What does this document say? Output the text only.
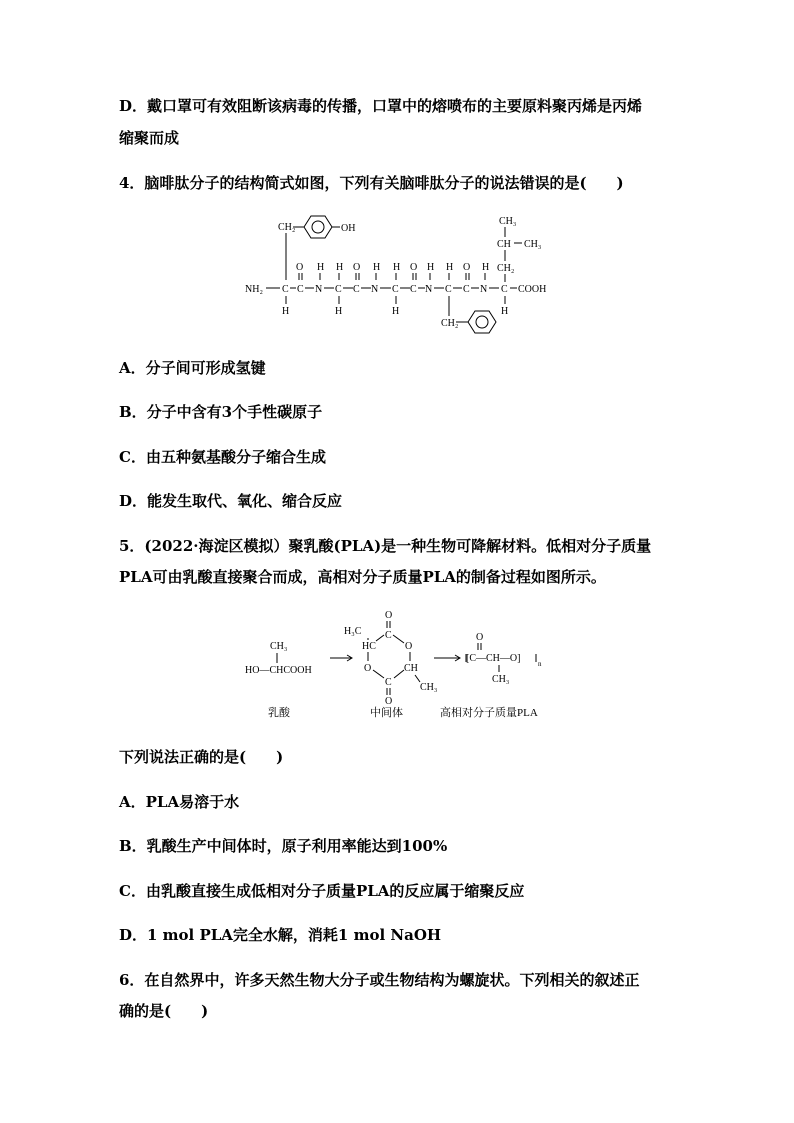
D．戴口罩可有效阻断该病毒的传播，口罩中的熔喷布的主要原料聚丙烯是丙烯
缩聚而成
4．脑啡肽分子的结构简式如图，下列有关脑啡肽分子的说法错误的是(　　)
CH₃
CH CH₃
CH₂
CH₂	OH
O	O	O	O
H H	H H	H H	H
NH₂ C C N C C N C C N C C N C COOH
H	H	H	H
CH₂
A．分子间可形成氢键
B．分子中含有3个手性碳原子
C．由五种氨基酸分子缩合生成
D．能发生取代、氧化、缩合反应
5．(2022·海淀区模拟）聚乳酸(PLA)是一种生物可降解材料。低相对分子质量
PLA可由乳酸直接聚合而成，高相对分子质量PLA的制备过程如图所示。
CH₃
HO—CHCOOH
乳酸
O
H₃C C
HC	O
O	CH
C
O
CH₃
中间体
O
[C—CH—O]	n
CH₃
高相对分子质量PLA
下列说法正确的是(　　)
A．PLA易溶于水
B．乳酸生产中间体时，原子利用率能达到100%
C．由乳酸直接生成低相对分子质量PLA的反应属于缩聚反应
D．1 mol PLA完全水解，消耗1 mol NaOH
6．在自然界中，许多天然生物大分子或生物结构为螺旋状。下列相关的叙述正
确的是(　　)
